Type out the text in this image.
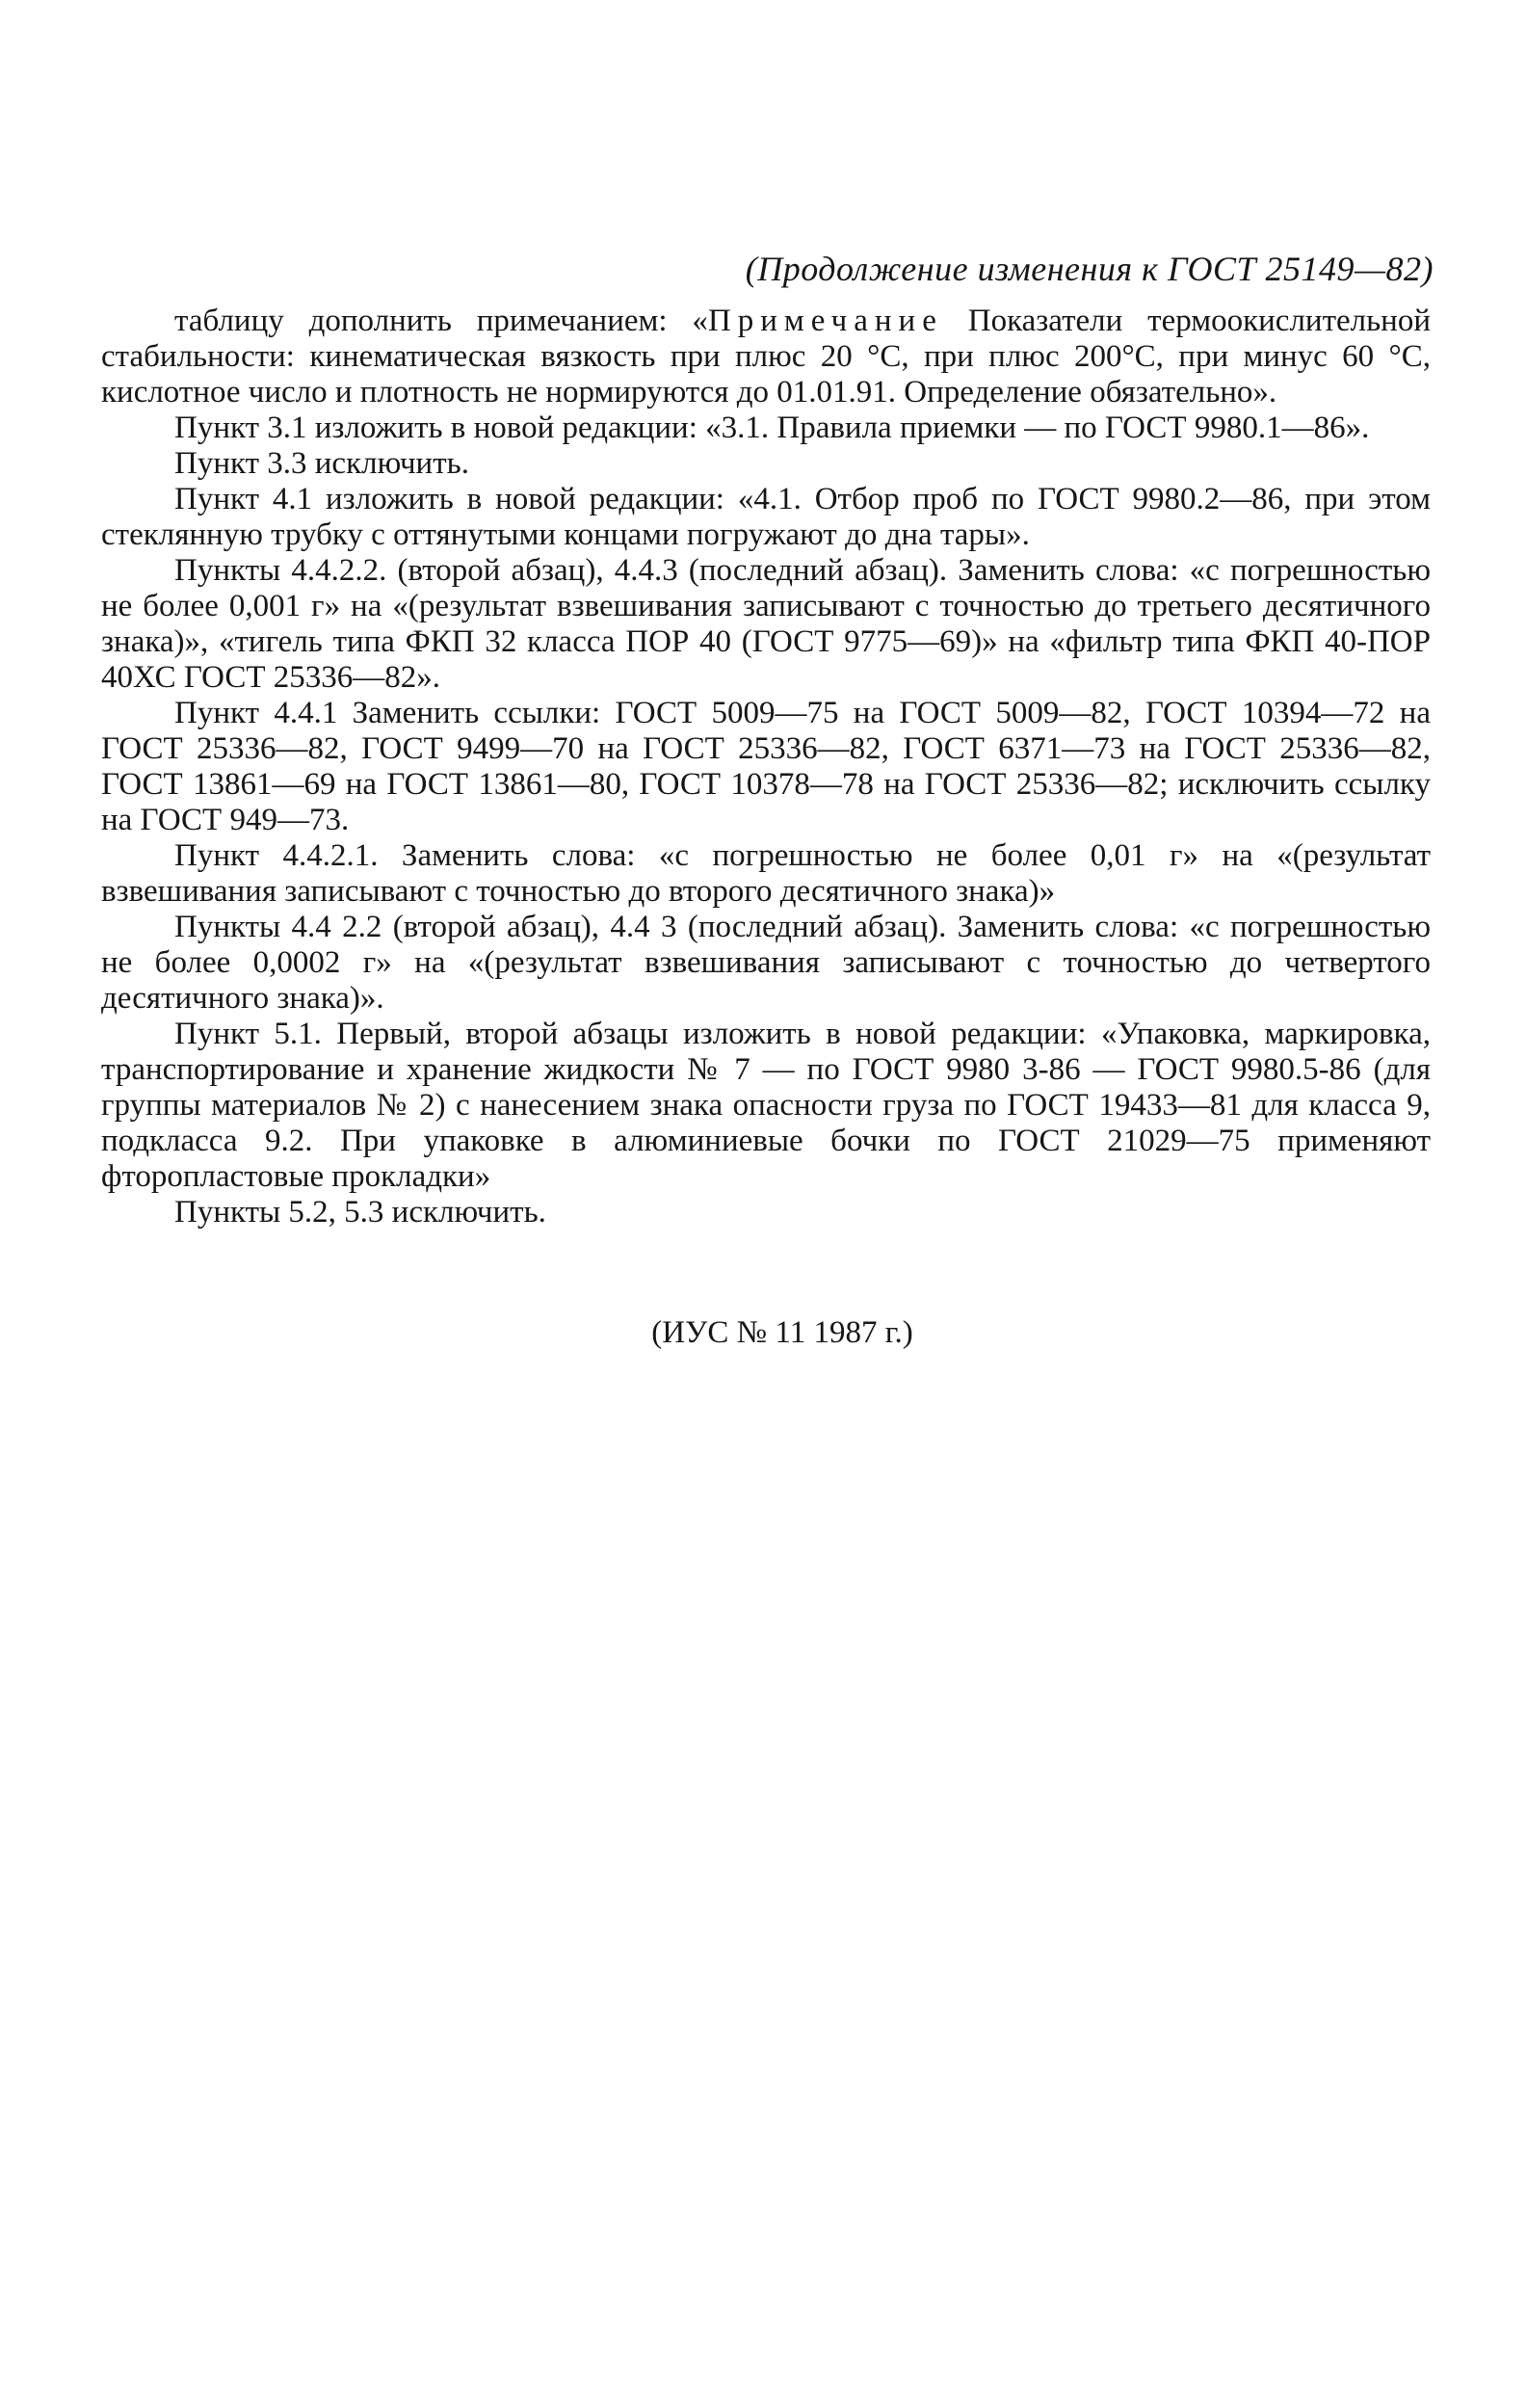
(Продолжение изменения к ГОСТ 25149—82)

таблицу дополнить примечанием: «Примечание Показатели термоокислительной стабильности: кинематическая вязкость при плюс 20 °С, при плюс 200°С, при минус 60 °С, кислотное число и плотность не нормируются до 01.01.91. Определение обязательно».

Пункт 3.1 изложить в новой редакции: «3.1. Правила приемки — по ГОСТ 9980.1—86».

Пункт 3.3 исключить.

Пункт 4.1 изложить в новой редакции: «4.1. Отбор проб по ГОСТ 9980.2—86, при этом стеклянную трубку с оттянутыми концами погружают до дна тары».

Пункты 4.4.2.2. (второй абзац), 4.4.3 (последний абзац). Заменить слова: «с погрешностью не более 0,001 г» на «(результат взвешивания записывают с точностью до третьего десятичного знака)», «тигель типа ФКП 32 класса ПОР 40 (ГОСТ 9775—69)» на «фильтр типа ФКП 40-ПОР 40ХС ГОСТ 25336—82».

Пункт 4.4.1 Заменить ссылки: ГОСТ 5009—75 на ГОСТ 5009—82, ГОСТ 10394—72 на ГОСТ 25336—82, ГОСТ 9499—70 на ГОСТ 25336—82, ГОСТ 6371—73 на ГОСТ 25336—82, ГОСТ 13861—69 на ГОСТ 13861—80, ГОСТ 10378—78 на ГОСТ 25336—82; исключить ссылку на ГОСТ 949—73.

Пункт 4.4.2.1. Заменить слова: «с погрешностью не более 0,01 г» на «(результат взвешивания записывают с точностью до второго десятичного знака)»

Пункты 4.4 2.2 (второй абзац), 4.4 3 (последний абзац). Заменить слова: «с погрешностью не более 0,0002 г» на «(результат взвешивания записывают с точностью до четвертого десятичного знака)».

Пункт 5.1. Первый, второй абзацы изложить в новой редакции: «Упаковка, маркировка, транспортирование и хранение жидкости № 7 — по ГОСТ 9980 3-86 — ГОСТ 9980.5-86 (для группы материалов № 2) с нанесением знака опасности груза по ГОСТ 19433—81 для класса 9, подкласса 9.2. При упаковке в алюминиевые бочки по ГОСТ 21029—75 применяют фторопластовые прокладки»

Пункты 5.2, 5.3 исключить.

(ИУС № 11 1987 г.)
